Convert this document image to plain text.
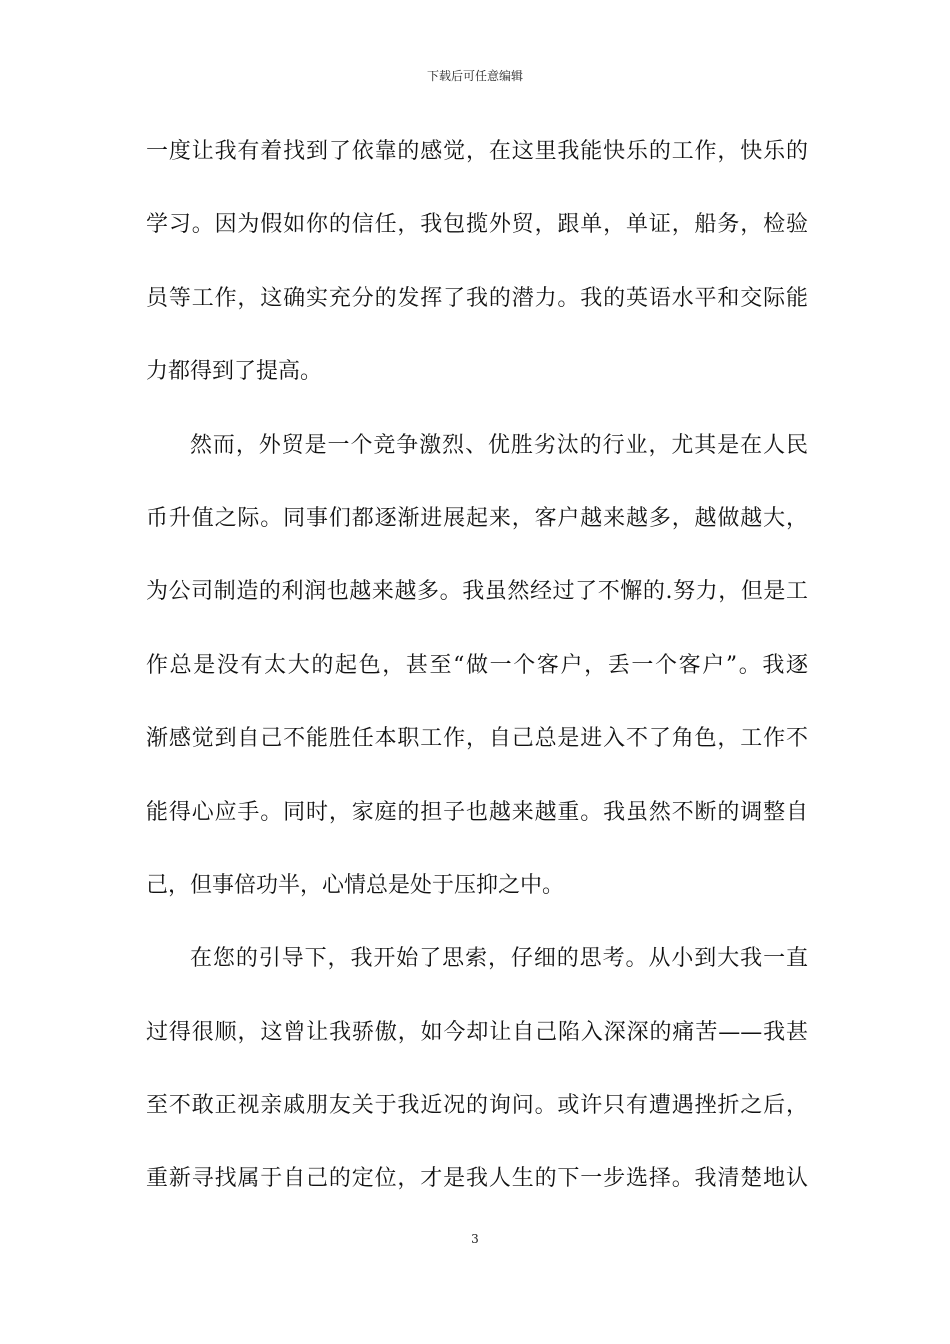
下载后可任意编辑
一度让我有着找到了依靠的感觉，在这里我能快乐的工作，快乐的
学习。因为假如你的信任，我包揽外贸，跟单，单证，船务，检验
员等工作，这确实充分的发挥了我的潜力。我的英语水平和交际能
力都得到了提高。
然而，外贸是一个竞争激烈、优胜劣汰的行业，尤其是在人民
币升值之际。同事们都逐渐进展起来，客户越来越多，越做越大，
为公司制造的利润也越来越多。我虽然经过了不懈的.努力，但是工
作总是没有太大的起色，甚至“做一个客户，丢一个客户”。我逐
渐感觉到自己不能胜任本职工作，自己总是进入不了角色，工作不
能得心应手。同时，家庭的担子也越来越重。我虽然不断的调整自
己，但事倍功半，心情总是处于压抑之中。
在您的引导下，我开始了思索，仔细的思考。从小到大我一直
过得很顺，这曾让我骄傲，如今却让自己陷入深深的痛苦——我甚
至不敢正视亲戚朋友关于我近况的询问。或许只有遭遇挫折之后，
重新寻找属于自己的定位，才是我人生的下一步选择。我清楚地认
3
